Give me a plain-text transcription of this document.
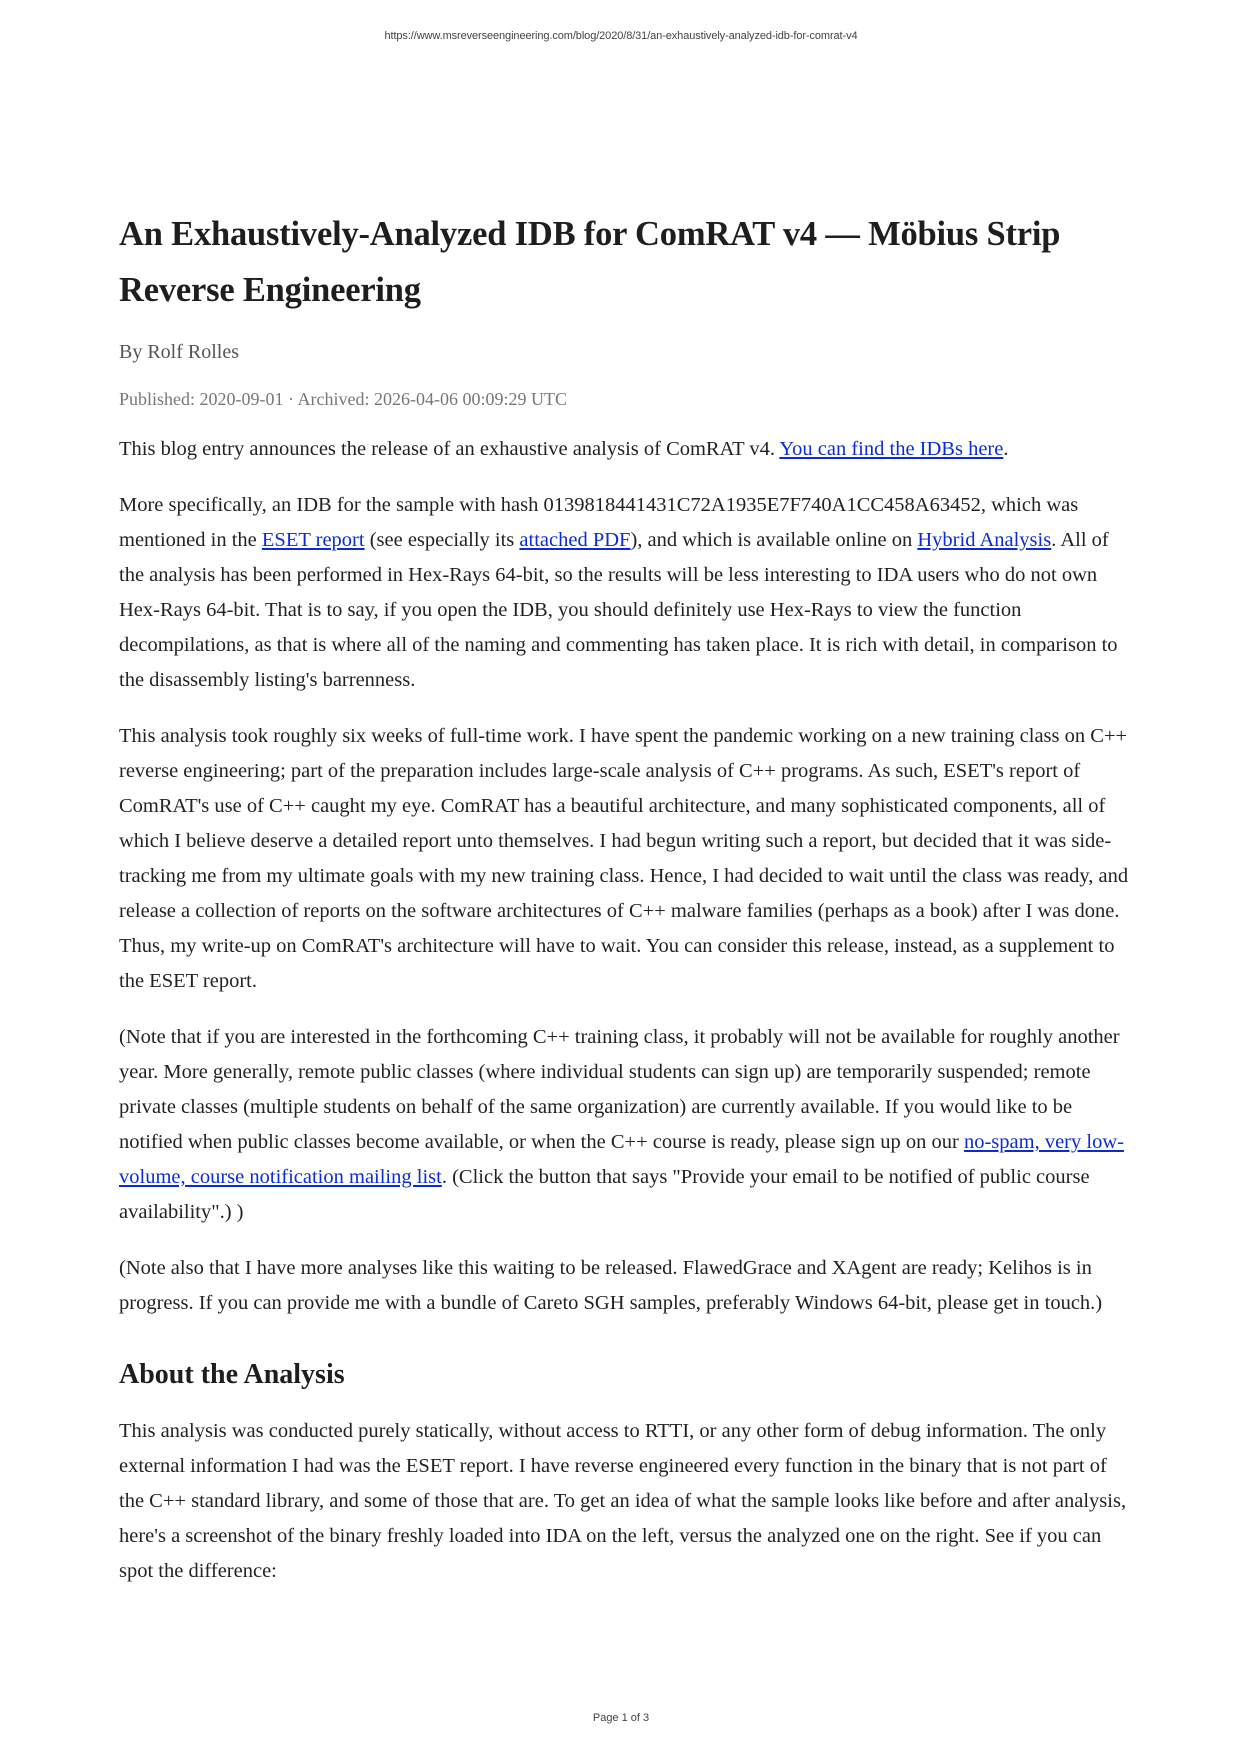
https://www.msreverseengineering.com/blog/2020/8/31/an-exhaustively-analyzed-idb-for-comrat-v4
An Exhaustively-Analyzed IDB for ComRAT v4 — Möbius Strip Reverse Engineering
By Rolf Rolles
Published: 2020-09-01 · Archived: 2026-04-06 00:09:29 UTC

This blog entry announces the release of an exhaustive analysis of ComRAT v4. You can find the IDBs here.

More specifically, an IDB for the sample with hash 0139818441431C72A1935E7F740A1CC458A63452, which was mentioned in the ESET report (see especially its attached PDF), and which is available online on Hybrid Analysis. All of the analysis has been performed in Hex-Rays 64-bit, so the results will be less interesting to IDA users who do not own Hex-Rays 64-bit. That is to say, if you open the IDB, you should definitely use Hex-Rays to view the function decompilations, as that is where all of the naming and commenting has taken place. It is rich with detail, in comparison to the disassembly listing's barrenness.

This analysis took roughly six weeks of full-time work. I have spent the pandemic working on a new training class on C++ reverse engineering; part of the preparation includes large-scale analysis of C++ programs. As such, ESET's report of ComRAT's use of C++ caught my eye. ComRAT has a beautiful architecture, and many sophisticated components, all of which I believe deserve a detailed report unto themselves. I had begun writing such a report, but decided that it was side-tracking me from my ultimate goals with my new training class. Hence, I had decided to wait until the class was ready, and release a collection of reports on the software architectures of C++ malware families (perhaps as a book) after I was done. Thus, my write-up on ComRAT's architecture will have to wait. You can consider this release, instead, as a supplement to the ESET report.

(Note that if you are interested in the forthcoming C++ training class, it probably will not be available for roughly another year. More generally, remote public classes (where individual students can sign up) are temporarily suspended; remote private classes (multiple students on behalf of the same organization) are currently available. If you would like to be notified when public classes become available, or when the C++ course is ready, please sign up on our no-spam, very low-volume, course notification mailing list. (Click the button that says "Provide your email to be notified of public course availability".) )

(Note also that I have more analyses like this waiting to be released. FlawedGrace and XAgent are ready; Kelihos is in progress. If you can provide me with a bundle of Careto SGH samples, preferably Windows 64-bit, please get in touch.)

About the Analysis

This analysis was conducted purely statically, without access to RTTI, or any other form of debug information. The only external information I had was the ESET report. I have reverse engineered every function in the binary that is not part of the C++ standard library, and some of those that are. To get an idea of what the sample looks like before and after analysis, here's a screenshot of the binary freshly loaded into IDA on the left, versus the analyzed one on the right. See if you can spot the difference:

Page 1 of 3
